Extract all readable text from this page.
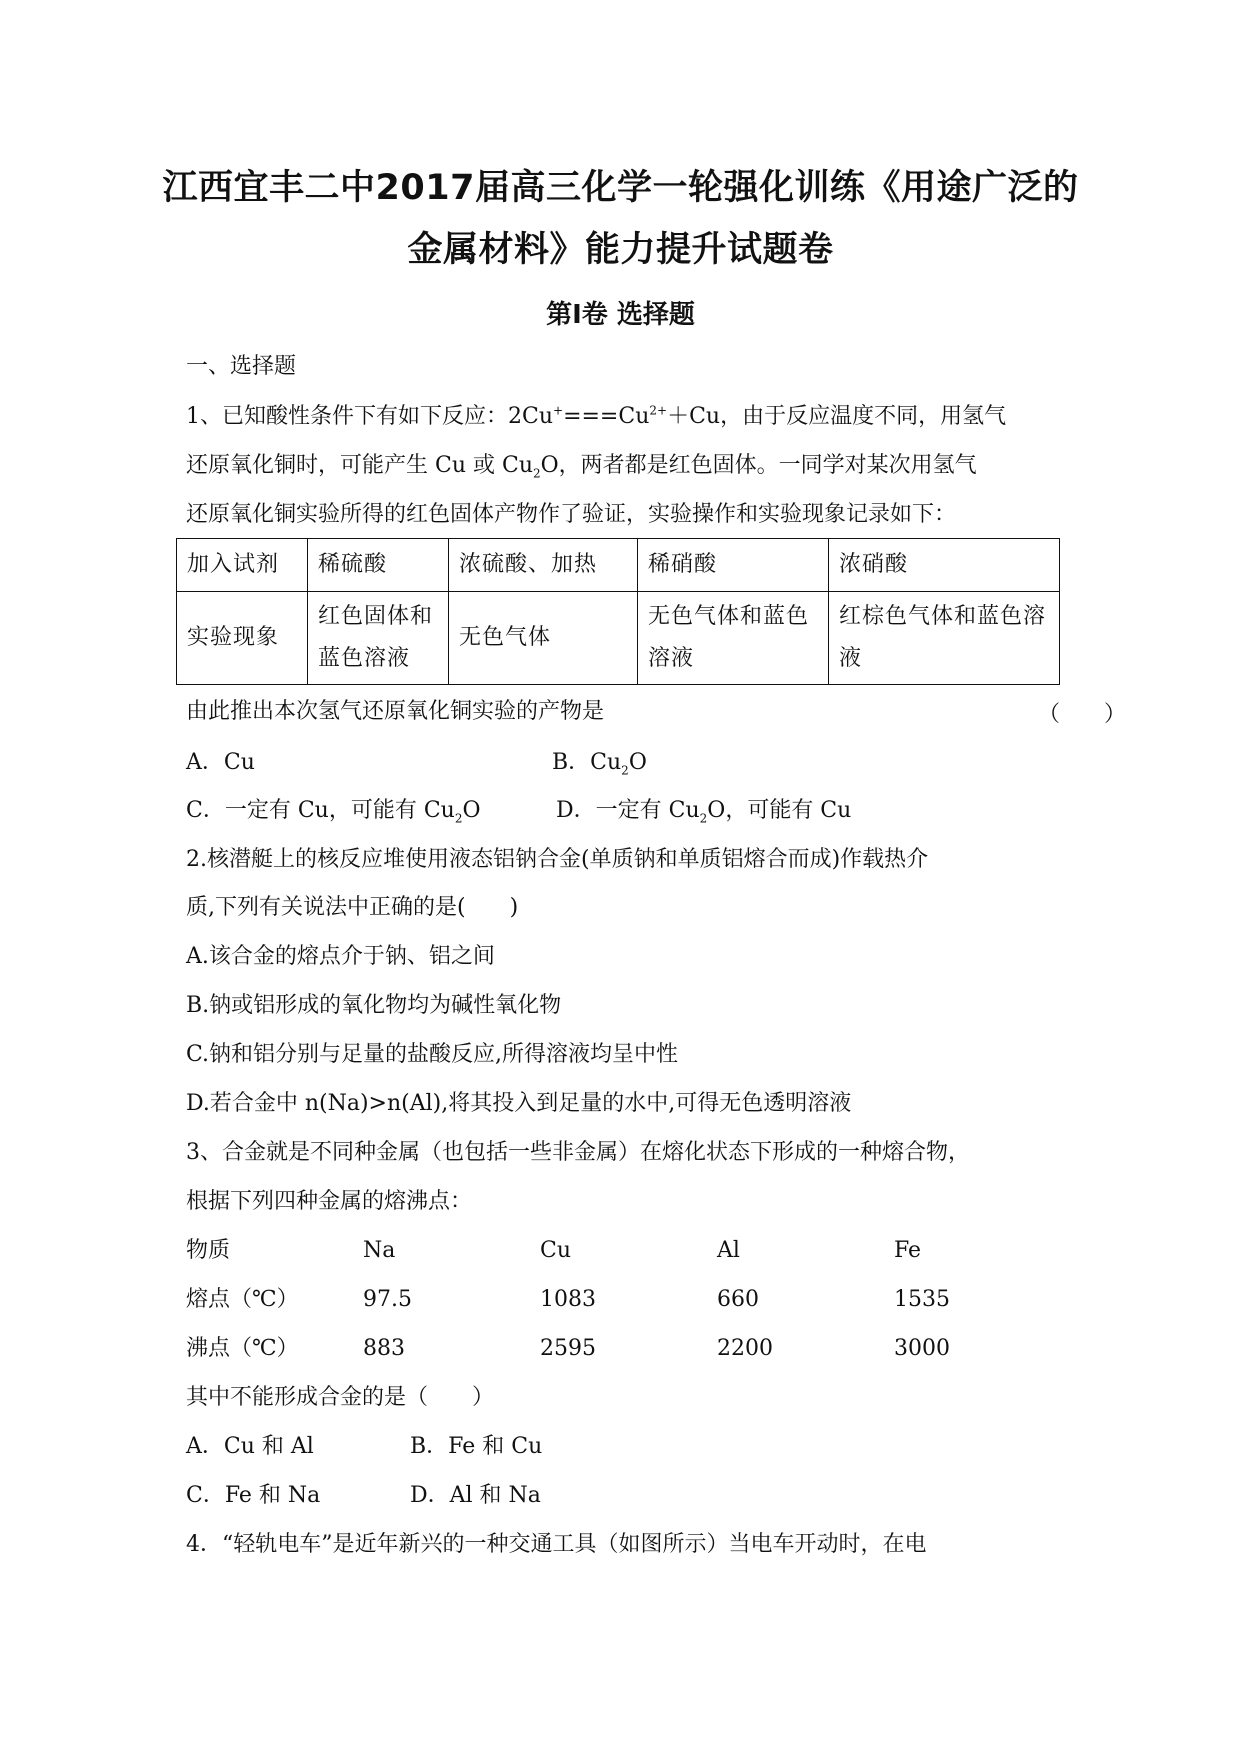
江西宜丰二中2017届高三化学一轮强化训练《用途广泛的
金属材料》能力提升试题卷
第Ⅰ卷 选择题
一、选择题
1、已知酸性条件下有如下反应：$2Cu^+===Cu^{2+}+Cu$，由于反应温度不同，用氢气
还原氧化铜时，可能产生 Cu 或 $Cu_2O$，两者都是红色固体。一同学对某次用氢气
还原氧化铜实验所得的红色固体产物作了验证，实验操作和实验现象记录如下：
加入试剂	稀硫酸	浓硫酸、加热	稀硝酸	浓硝酸
实验现象	红色固体和蓝色溶液	无色气体	无色气体和蓝色溶液	红棕色气体和蓝色溶液
由此推出本次氢气还原氧化铜实验的产物是	（　　）
A．Cu	B．$Cu_2O$
C．一定有 Cu，可能有 $Cu_2O$	D．一定有 $Cu_2O$，可能有 Cu
2.核潜艇上的核反应堆使用液态铝钠合金(单质钠和单质铝熔合而成)作载热介
质,下列有关说法中正确的是(　　)
A.该合金的熔点介于钠、铝之间
B.钠或铝形成的氧化物均为碱性氧化物
C.钠和铝分别与足量的盐酸反应,所得溶液均呈中性
D.若合金中 n(Na)>n(Al),将其投入到足量的水中,可得无色透明溶液
3、合金就是不同种金属（也包括一些非金属）在熔化状态下形成的一种熔合物，
根据下列四种金属的熔沸点：
物质	Na	Cu	Al	Fe
熔点（℃）	97.5	1083	660	1535
沸点（℃）	883	2595	2200	3000
其中不能形成合金的是（　　）
A．Cu 和 Al	B．Fe 和 Cu
C．Fe 和 Na	D．Al 和 Na
4．“轻轨电车”是近年新兴的一种交通工具（如图所示）当电车开动时，在电
